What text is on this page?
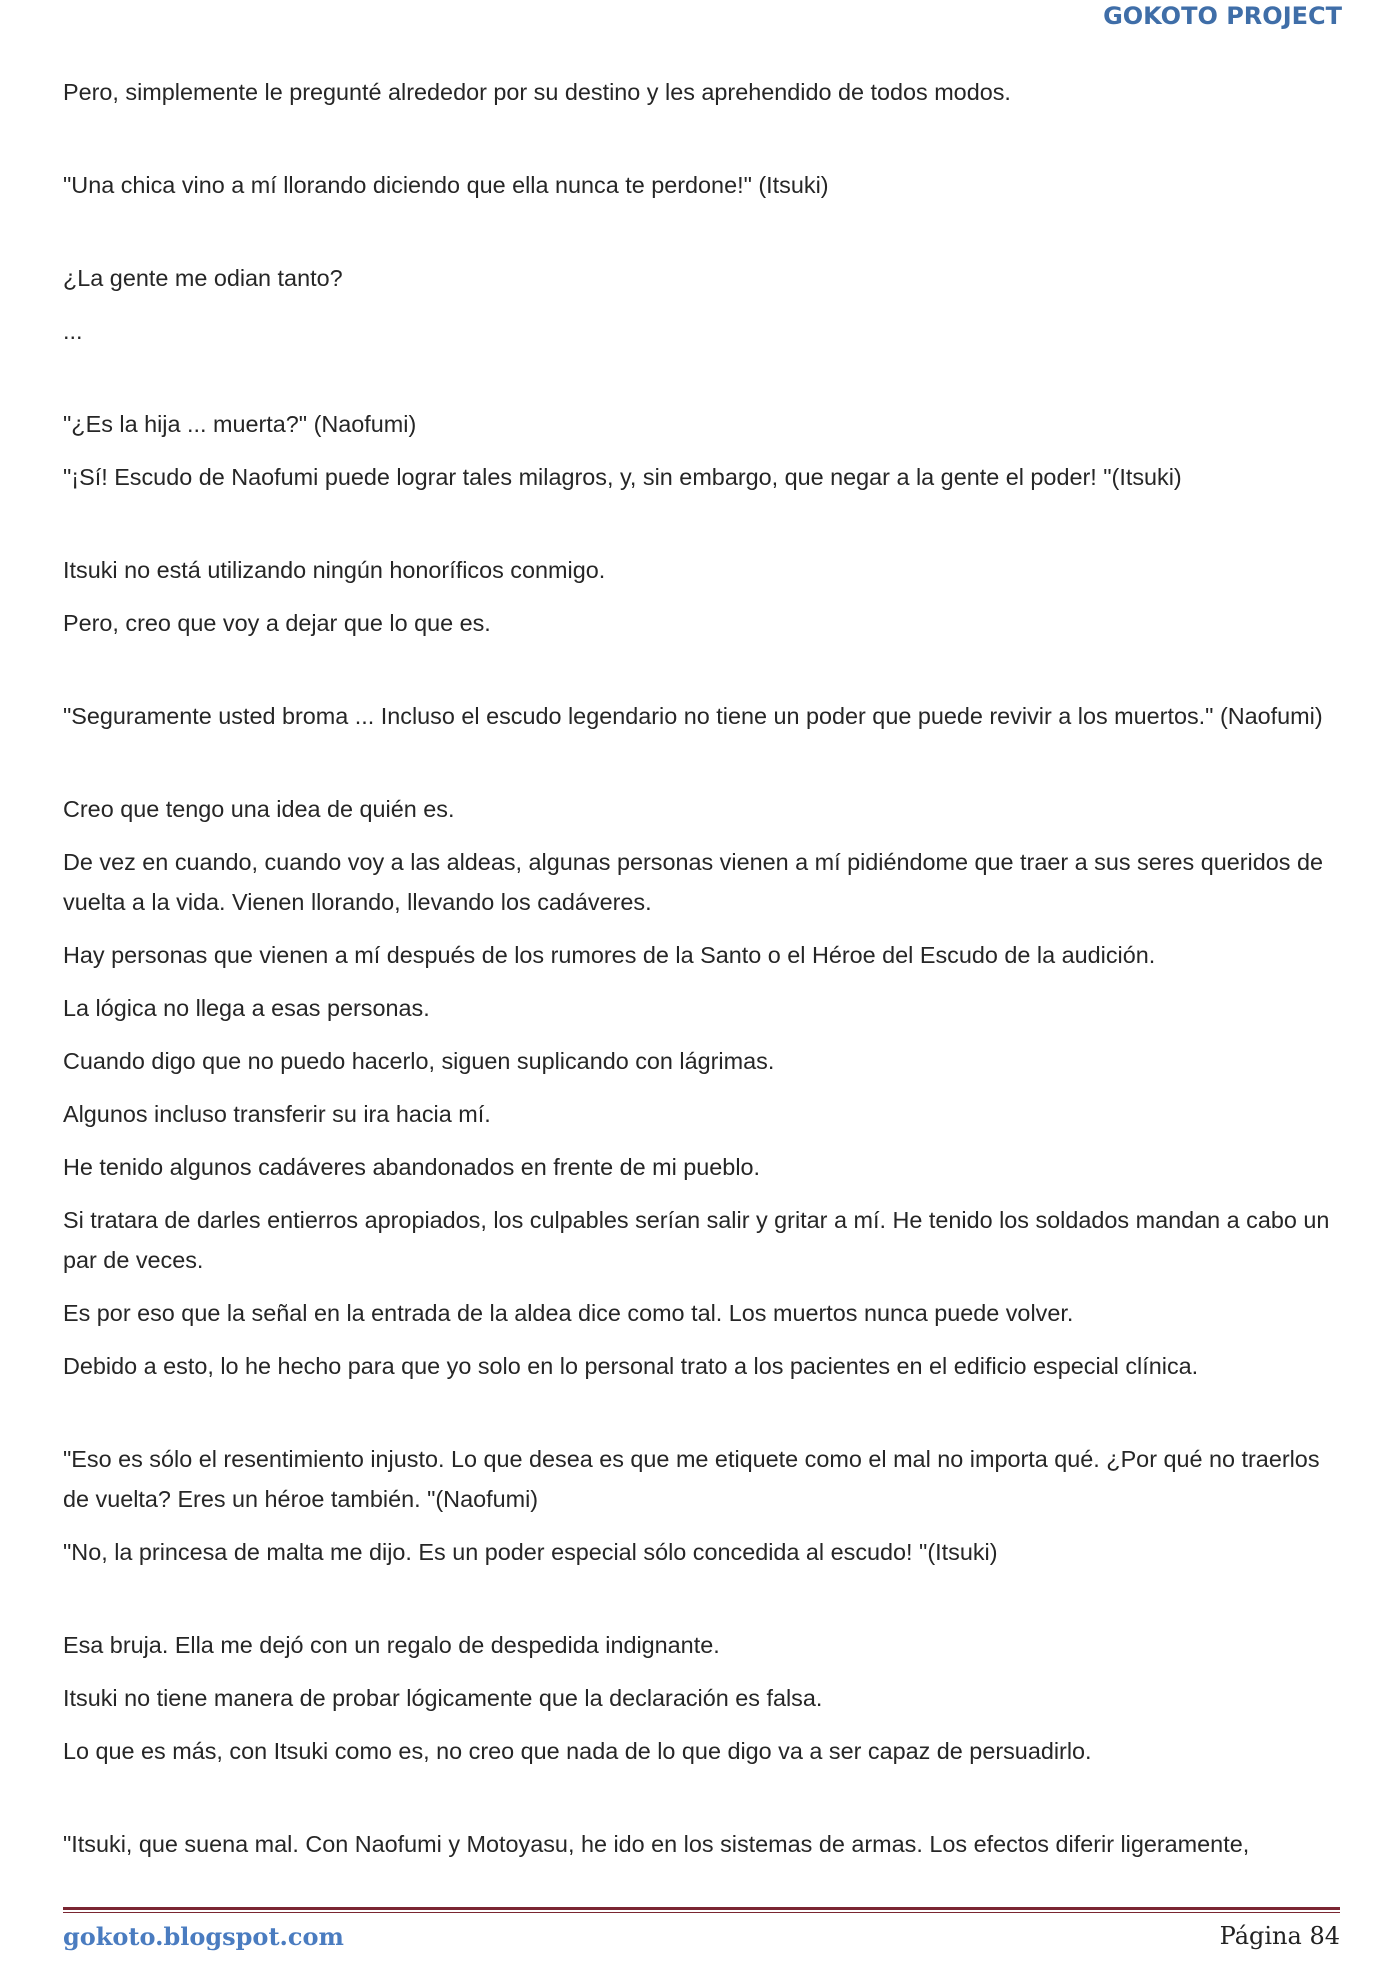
GOKOTO PROJECT

Pero, simplemente le pregunté alrededor por su destino y les aprehendido de todos modos.

"Una chica vino a mí llorando diciendo que ella nunca te perdone!" (Itsuki)

¿La gente me odian tanto?

...

"¿Es la hija ... muerta?" (Naofumi)

"¡Sí! Escudo de Naofumi puede lograr tales milagros, y, sin embargo, que negar a la gente el poder! "(Itsuki)

Itsuki no está utilizando ningún honoríficos conmigo.

Pero, creo que voy a dejar que lo que es.

"Seguramente usted broma ... Incluso el escudo legendario no tiene un poder que puede revivir a los muertos." (Naofumi)

Creo que tengo una idea de quién es.

De vez en cuando, cuando voy a las aldeas, algunas personas vienen a mí pidiéndome que traer a sus seres queridos de vuelta a la vida. Vienen llorando, llevando los cadáveres.

Hay personas que vienen a mí después de los rumores de la Santo o el Héroe del Escudo de la audición.

La lógica no llega a esas personas.

Cuando digo que no puedo hacerlo, siguen suplicando con lágrimas.

Algunos incluso transferir su ira hacia mí.

He tenido algunos cadáveres abandonados en frente de mi pueblo.

Si tratara de darles entierros apropiados, los culpables serían salir y gritar a mí. He tenido los soldados mandan a cabo un par de veces.

Es por eso que la señal en la entrada de la aldea dice como tal. Los muertos nunca puede volver.

Debido a esto, lo he hecho para que yo solo en lo personal trato a los pacientes en el edificio especial clínica.

"Eso es sólo el resentimiento injusto. Lo que desea es que me etiquete como el mal no importa qué. ¿Por qué no traerlos de vuelta? Eres un héroe también. "(Naofumi)

"No, la princesa de malta me dijo. Es un poder especial sólo concedida al escudo! "(Itsuki)

Esa bruja. Ella me dejó con un regalo de despedida indignante.

Itsuki no tiene manera de probar lógicamente que la declaración es falsa.

Lo que es más, con Itsuki como es, no creo que nada de lo que digo va a ser capaz de persuadirlo.

"Itsuki, que suena mal. Con Naofumi y Motoyasu, he ido en los sistemas de armas. Los efectos diferir ligeramente,

gokoto.blogspot.com	Página 84
